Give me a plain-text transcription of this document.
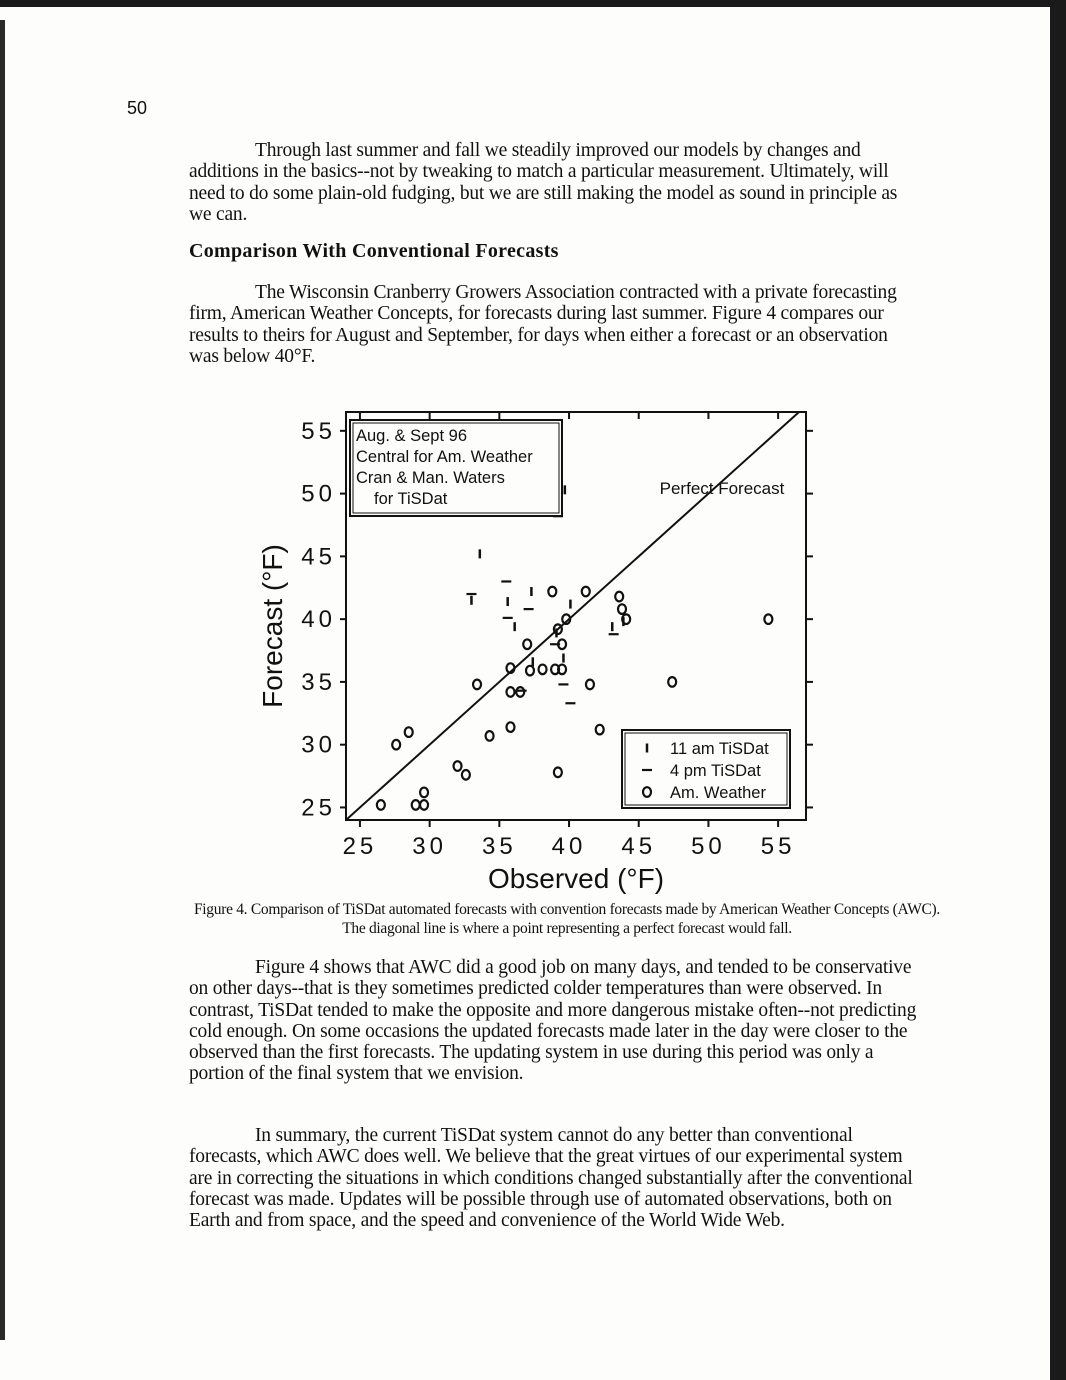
50

Through last summer and fall we steadily improved our models by changes and additions in the basics--not by tweaking to match a particular measurement. Ultimately, will need to do some plain-old fudging, but we are still making the model as sound in principle as we can.

Comparison With Conventional Forecasts

The Wisconsin Cranberry Growers Association contracted with a private forecasting firm, American Weather Concepts, for forecasts during last summer. Figure 4 compares our results to theirs for August and September, for days when either a forecast or an observation was below 40°F.

25 30 35 40 45 50 55
25
30
35
40
45
50
55
Observed (°F)
Forecast (°F)
Perfect Forecast
Aug. & Sept 96
Central for Am. Weather
Cran & Man. Waters
for TiSDat
11 am TiSDat
4 pm TiSDat
Am. Weather
Figure 4. Comparison of TiSDat automated forecasts with convention forecasts made by American Weather Concepts (AWC). The diagonal line is where a point representing a perfect forecast would fall.

Figure 4 shows that AWC did a good job on many days, and tended to be conservative on other days--that is they sometimes predicted colder temperatures than were observed. In contrast, TiSDat tended to make the opposite and more dangerous mistake often--not predicting cold enough. On some occasions the updated forecasts made later in the day were closer to the observed than the first forecasts. The updating system in use during this period was only a portion of the final system that we envision.

In summary, the current TiSDat system cannot do any better than conventional forecasts, which AWC does well. We believe that the great virtues of our experimental system are in correcting the situations in which conditions changed substantially after the conventional forecast was made. Updates will be possible through use of automated observations, both on Earth and from space, and the speed and convenience of the World Wide Web.
